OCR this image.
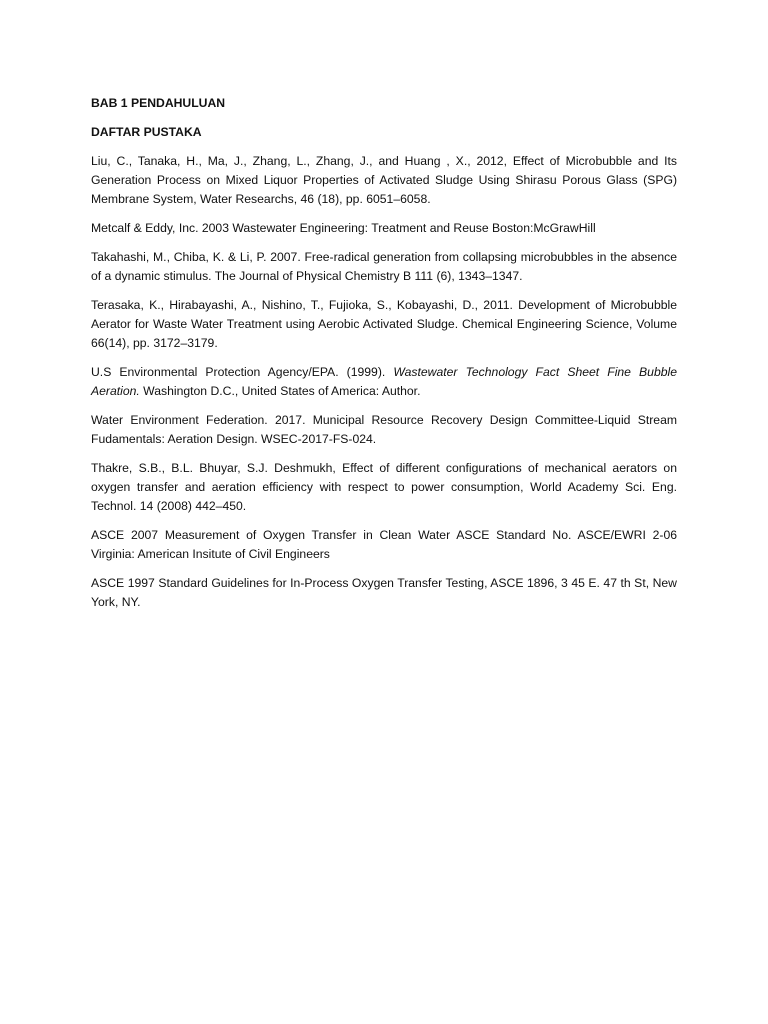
BAB 1 PENDAHULUAN

DAFTAR PUSTAKA

Liu, C., Tanaka, H., Ma, J., Zhang, L., Zhang, J., and Huang , X., 2012, Effect of Microbubble and Its Generation Process on Mixed Liquor Properties of Activated Sludge Using Shirasu Porous Glass (SPG) Membrane System, Water Researchs, 46 (18), pp. 6051–6058.

Metcalf & Eddy, Inc. 2003 Wastewater Engineering: Treatment and Reuse Boston:McGrawHill

Takahashi, M., Chiba, K. & Li, P. 2007. Free-radical generation from collapsing microbubbles in the absence of a dynamic stimulus. The Journal of Physical Chemistry B 111 (6), 1343–1347.

Terasaka, K., Hirabayashi, A., Nishino, T., Fujioka, S., Kobayashi, D., 2011. Development of Microbubble Aerator for Waste Water Treatment using Aerobic Activated Sludge. Chemical Engineering Science, Volume 66(14), pp. 3172–3179.

U.S Environmental Protection Agency/EPA. (1999). Wastewater Technology Fact Sheet Fine Bubble Aeration. Washington D.C., United States of America: Author.

Water Environment Federation. 2017. Municipal Resource Recovery Design Committee-Liquid Stream Fudamentals: Aeration Design. WSEC-2017-FS-024.

Thakre, S.B., B.L. Bhuyar, S.J. Deshmukh, Effect of different configurations of mechanical aerators on oxygen transfer and aeration efficiency with respect to power consumption, World Academy Sci. Eng. Technol. 14 (2008) 442–450.

ASCE 2007 Measurement of Oxygen Transfer in Clean Water ASCE Standard No. ASCE/EWRI 2-06 Virginia: American Insitute of Civil Engineers

ASCE 1997 Standard Guidelines for In-Process Oxygen Transfer Testing, ASCE 1896, 3 45 E. 47 th St, New York, NY.
